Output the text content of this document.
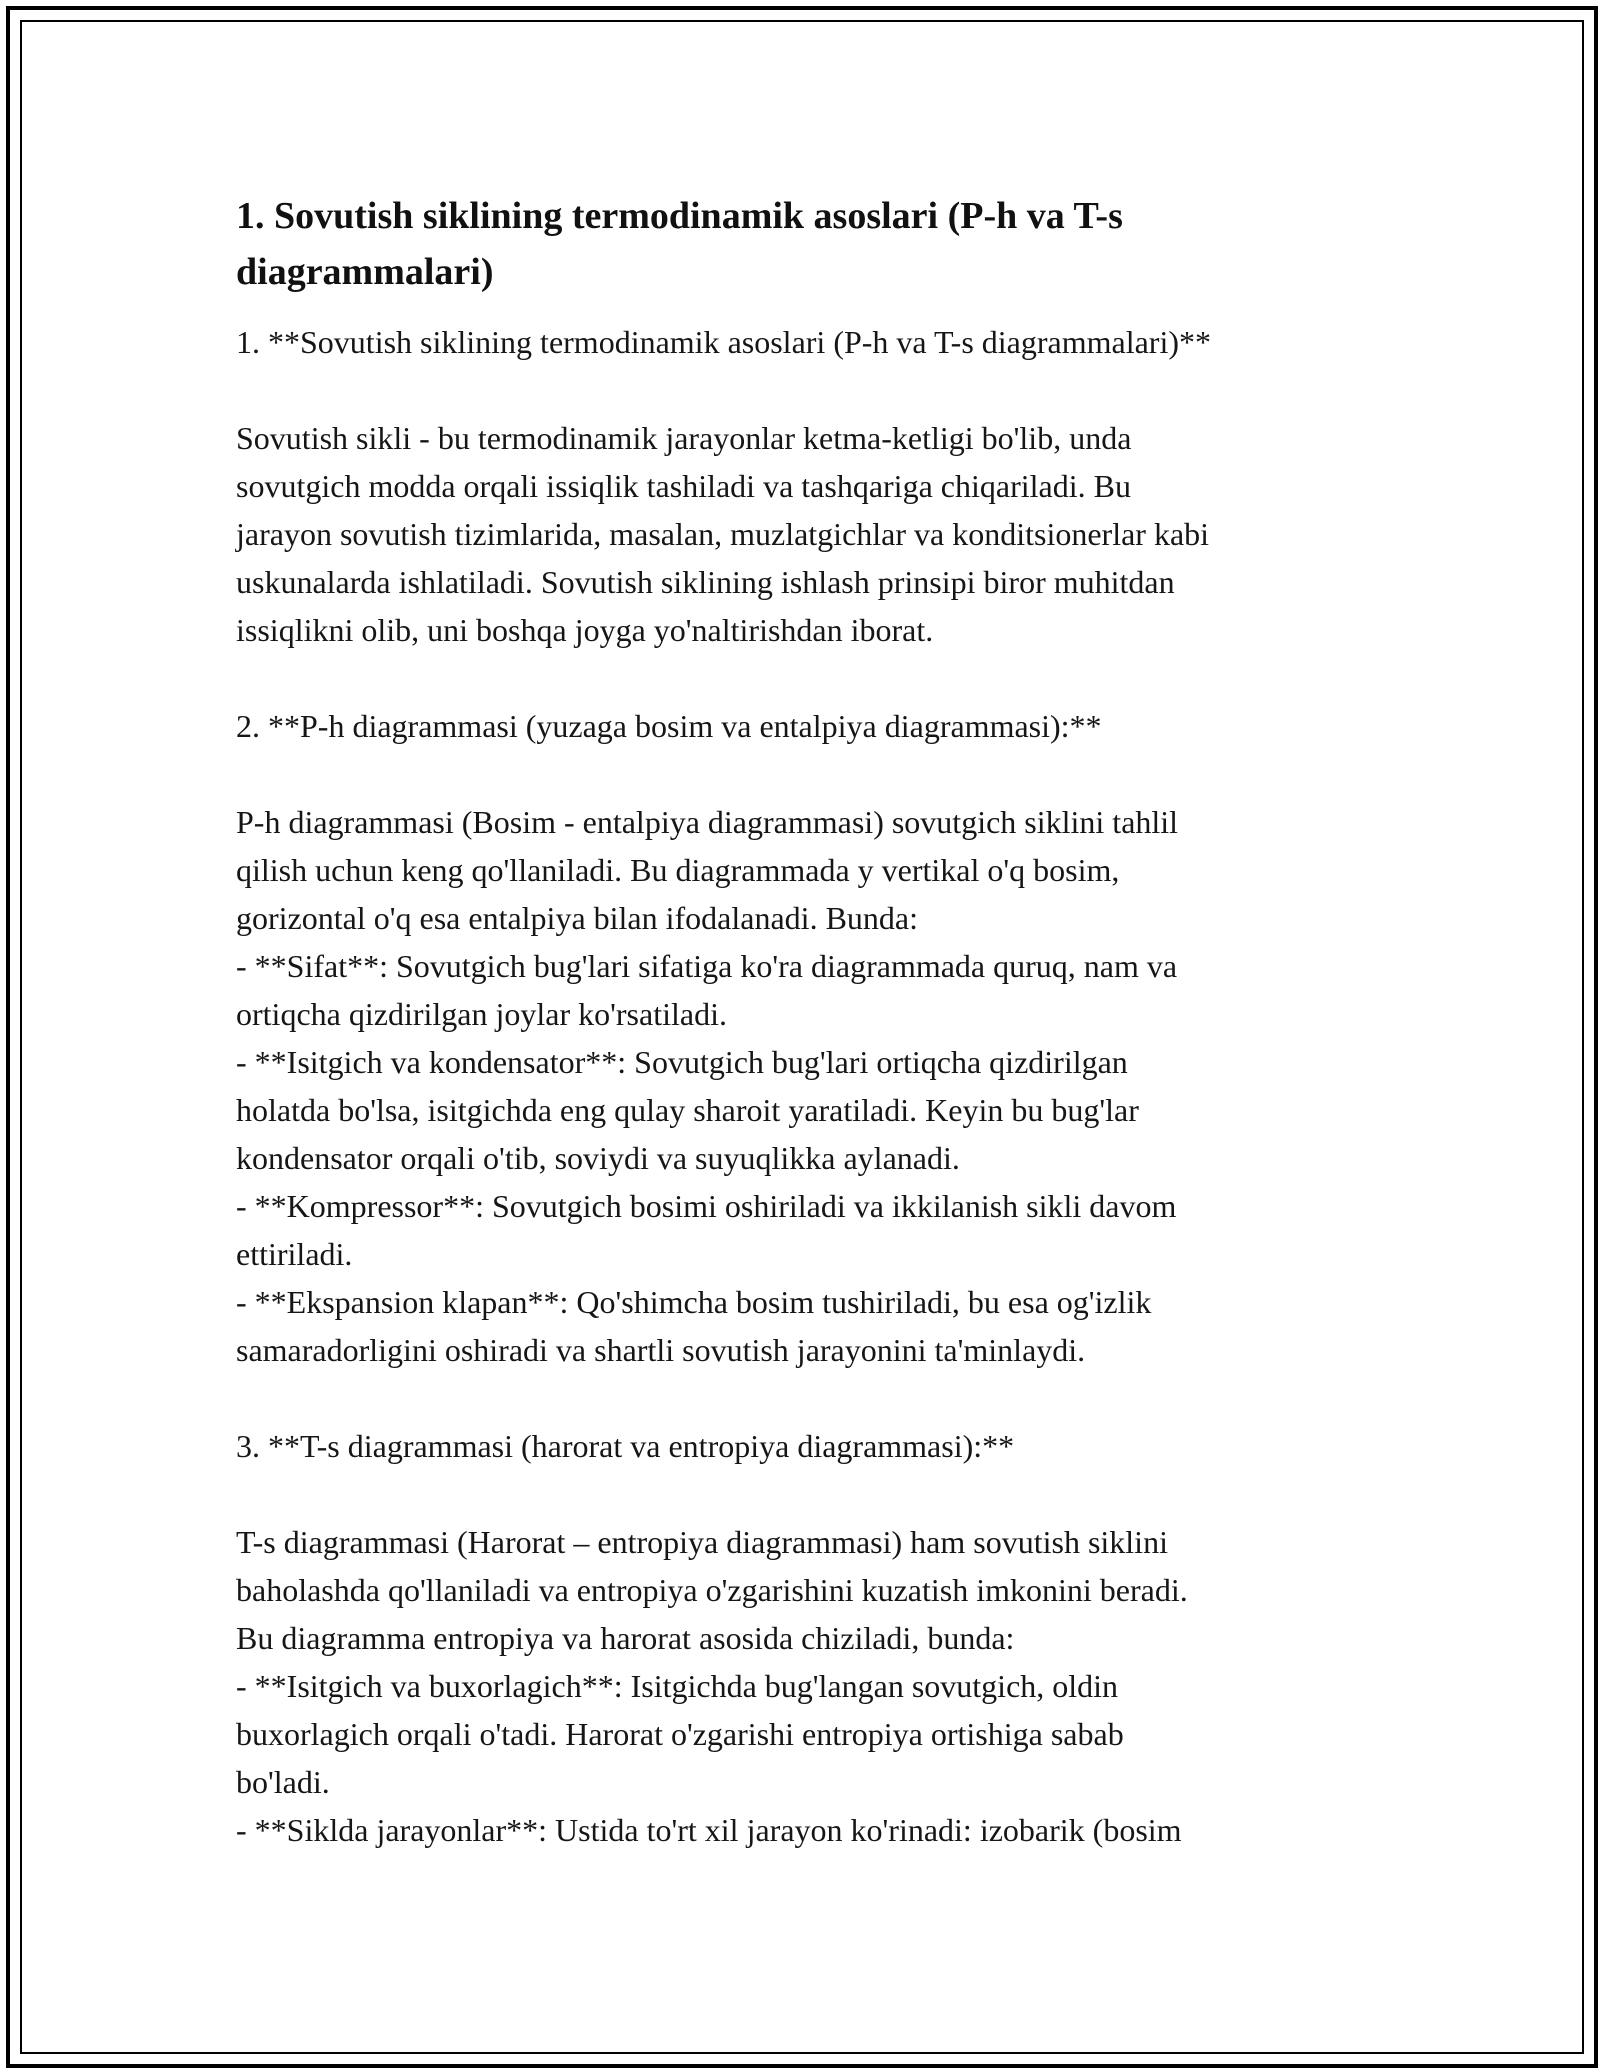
1. Sovutish siklining termodinamik asoslari (P-h va T-s
diagrammalari)

1. **Sovutish siklining termodinamik asoslari (P-h va T-s diagrammalari)**

Sovutish sikli - bu termodinamik jarayonlar ketma-ketligi bo'lib, unda
sovutgich modda orqali issiqlik tashiladi va tashqariga chiqariladi. Bu
jarayon sovutish tizimlarida, masalan, muzlatgichlar va konditsionerlar kabi
uskunalarda ishlatiladi. Sovutish siklining ishlash prinsipi biror muhitdan
issiqlikni olib, uni boshqa joyga yo'naltirishdan iborat.

2. **P-h diagrammasi (yuzaga bosim va entalpiya diagrammasi):**

P-h diagrammasi (Bosim - entalpiya diagrammasi) sovutgich siklini tahlil
qilish uchun keng qo'llaniladi. Bu diagrammada y vertikal o'q bosim,
gorizontal o'q esa entalpiya bilan ifodalanadi. Bunda:
- **Sifat**: Sovutgich bug'lari sifatiga ko'ra diagrammada quruq, nam va
ortiqcha qizdirilgan joylar ko'rsatiladi.
- **Isitgich va kondensator**: Sovutgich bug'lari ortiqcha qizdirilgan
holatda bo'lsa, isitgichda eng qulay sharoit yaratiladi. Keyin bu bug'lar
kondensator orqali o'tib, soviydi va suyuqlikka aylanadi.
- **Kompressor**: Sovutgich bosimi oshiriladi va ikkilanish sikli davom
ettiriladi.
- **Ekspansion klapan**: Qo'shimcha bosim tushiriladi, bu esa og'izlik
samaradorligini oshiradi va shartli sovutish jarayonini ta'minlaydi.

3. **T-s diagrammasi (harorat va entropiya diagrammasi):**

T-s diagrammasi (Harorat – entropiya diagrammasi) ham sovutish siklini
baholashda qo'llaniladi va entropiya o'zgarishini kuzatish imkonini beradi.
Bu diagramma entropiya va harorat asosida chiziladi, bunda:
- **Isitgich va buxorlagich**: Isitgichda bug'langan sovutgich, oldin
buxorlagich orqali o'tadi. Harorat o'zgarishi entropiya ortishiga sabab
bo'ladi.
- **Siklda jarayonlar**: Ustida to'rt xil jarayon ko'rinadi: izobarik (bosim
